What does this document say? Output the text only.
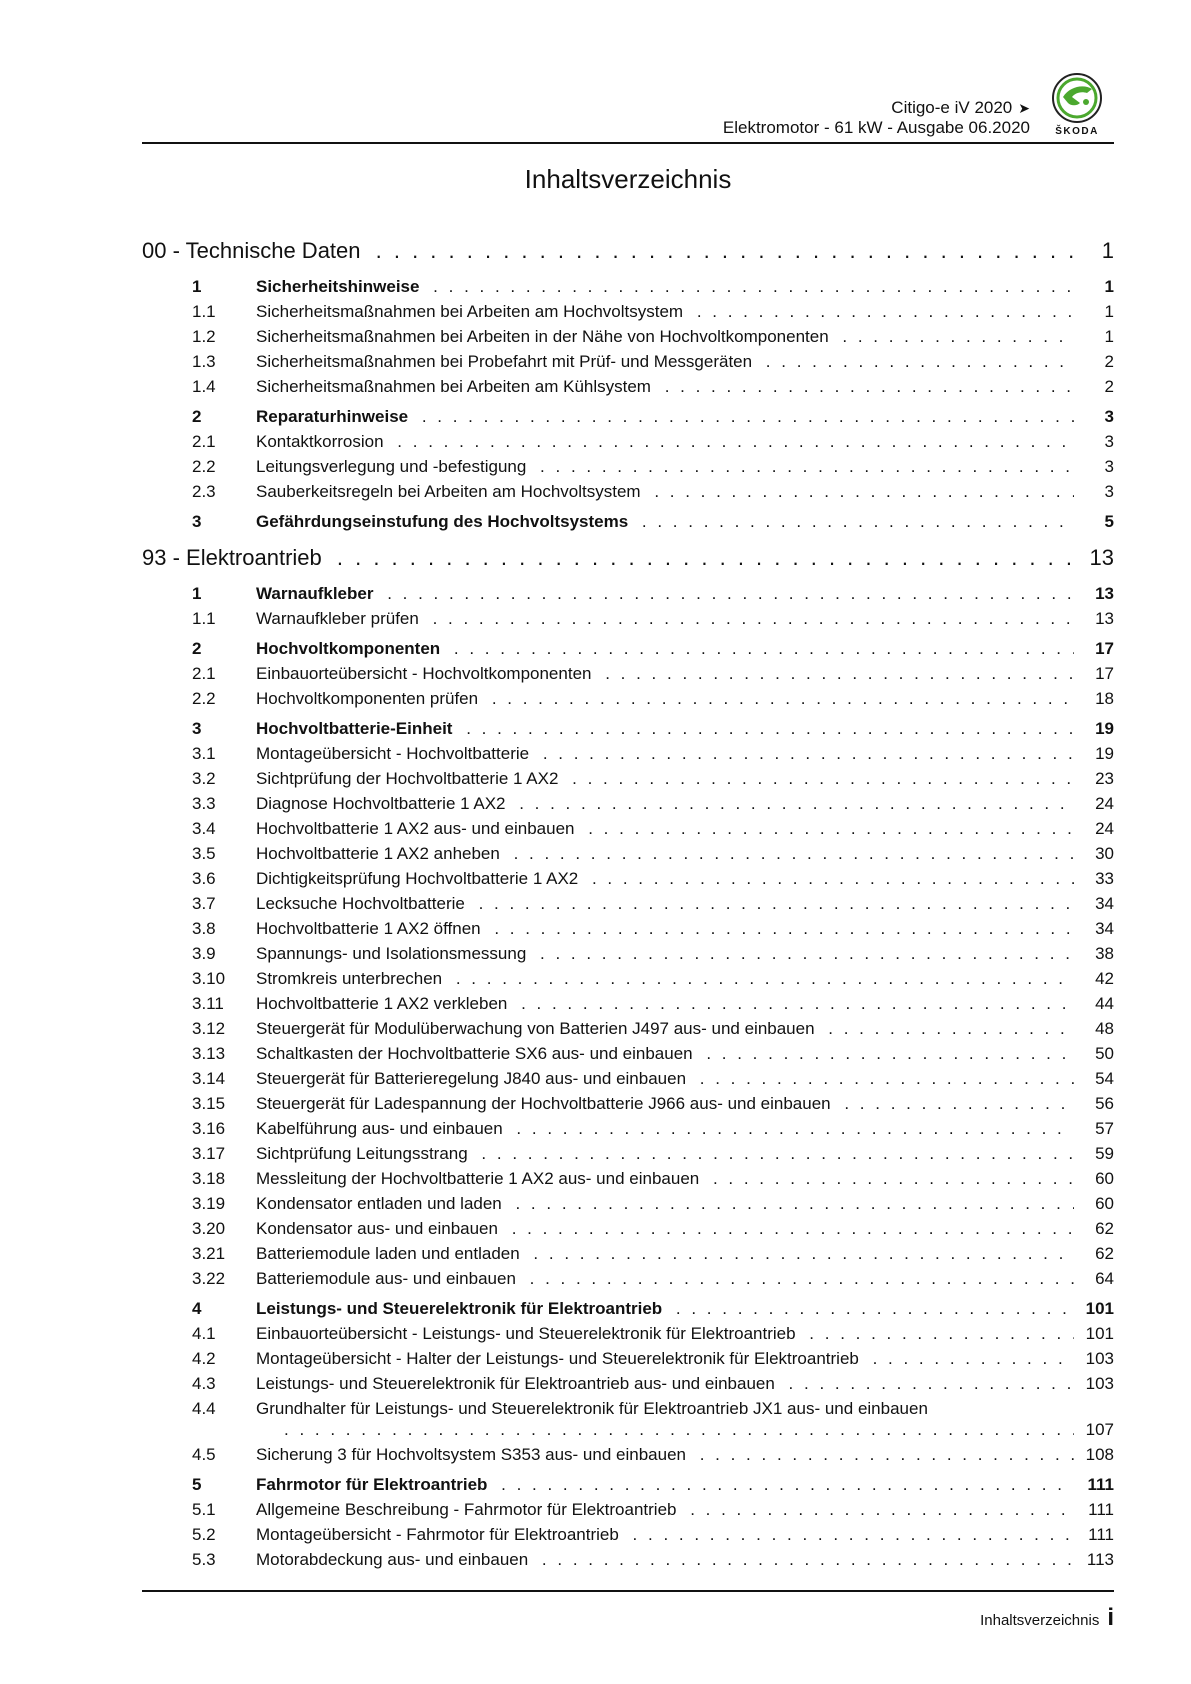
Citigo-e iV 2020 ➤
Elektromotor - 61 kW - Ausgabe 06.2020	ŠKODA
Inhaltsverzeichnis
00 - Technische Daten . . .	1
1	Sicherheitshinweise . . .	1
1.1 Sicherheitsmaßnahmen bei Arbeiten am Hochvoltsystem . . .	1
1.2 Sicherheitsmaßnahmen bei Arbeiten in der Nähe von Hochvoltkomponenten . . .	1
1.3 Sicherheitsmaßnahmen bei Probefahrt mit Prüf- und Messgeräten . . .	2
1.4 Sicherheitsmaßnahmen bei Arbeiten am Kühlsystem . . .	2
2	Reparaturhinweise . . .	3
2.1 Kontaktkorrosion . . .	3
2.2 Leitungsverlegung und -befestigung . . .	3
2.3 Sauberkeitsregeln bei Arbeiten am Hochvoltsystem . . .	3
3	Gefährdungseinstufung des Hochvoltsystems . . .	5
93 - Elektroantrieb . . .	13
1	Warnaufkleber . . .	13
1.1 Warnaufkleber prüfen . . .	13
2	Hochvoltkomponenten . . .	17
2.1 Einbauorteübersicht - Hochvoltkomponenten . . .	17
2.2 Hochvoltkomponenten prüfen . . .	18
3	Hochvoltbatterie-Einheit . . .	19
3.1 Montageübersicht - Hochvoltbatterie . . .	19
3.2 Sichtprüfung der Hochvoltbatterie 1 AX2 . . .	23
3.3 Diagnose Hochvoltbatterie 1 AX2 . . .	24
3.4 Hochvoltbatterie 1 AX2 aus- und einbauen . . .	24
3.5 Hochvoltbatterie 1 AX2 anheben . . .	30
3.6 Dichtigkeitsprüfung Hochvoltbatterie 1 AX2 . . .	33
3.7 Lecksuche Hochvoltbatterie . . .	34
3.8 Hochvoltbatterie 1 AX2 öffnen . . .	34
3.9 Spannungs- und Isolationsmessung . . .	38
3.10 Stromkreis unterbrechen . . .	42
3.11 Hochvoltbatterie 1 AX2 verkleben . . .	44
3.12 Steuergerät für Modulüberwachung von Batterien J497 aus- und einbauen . . .	48
3.13 Schaltkasten der Hochvoltbatterie SX6 aus- und einbauen . . .	50
3.14 Steuergerät für Batterieregelung J840 aus- und einbauen . . .	54
3.15 Steuergerät für Ladespannung der Hochvoltbatterie J966 aus- und einbauen . . .	56
3.16 Kabelführung aus- und einbauen . . .	57
3.17 Sichtprüfung Leitungsstrang . . .	59
3.18 Messleitung der Hochvoltbatterie 1 AX2 aus- und einbauen . . .	60
3.19 Kondensator entladen und laden . . .	60
3.20 Kondensator aus- und einbauen . . .	62
3.21 Batteriemodule laden und entladen . . .	62
3.22 Batteriemodule aus- und einbauen . . .	64
4	Leistungs- und Steuerelektronik für Elektroantrieb . . .	101
4.1 Einbauorteübersicht - Leistungs- und Steuerelektronik für Elektroantrieb . . .	101
4.2 Montageübersicht - Halter der Leistungs- und Steuerelektronik für Elektroantrieb . . .	103
4.3 Leistungs- und Steuerelektronik für Elektroantrieb aus- und einbauen . . .	103
4.4 Grundhalter für Leistungs- und Steuerelektronik für Elektroantrieb JX1 aus- und einbauen
. . .
107
4.5 Sicherung 3 für Hochvoltsystem S353 aus- und einbauen . . .	108
5	Fahrmotor für Elektroantrieb . . .	111
5.1 Allgemeine Beschreibung - Fahrmotor für Elektroantrieb . . .	111
5.2 Montageübersicht - Fahrmotor für Elektroantrieb . . .	111
5.3 Motorabdeckung aus- und einbauen . . .	113
Inhaltsverzeichnis i
